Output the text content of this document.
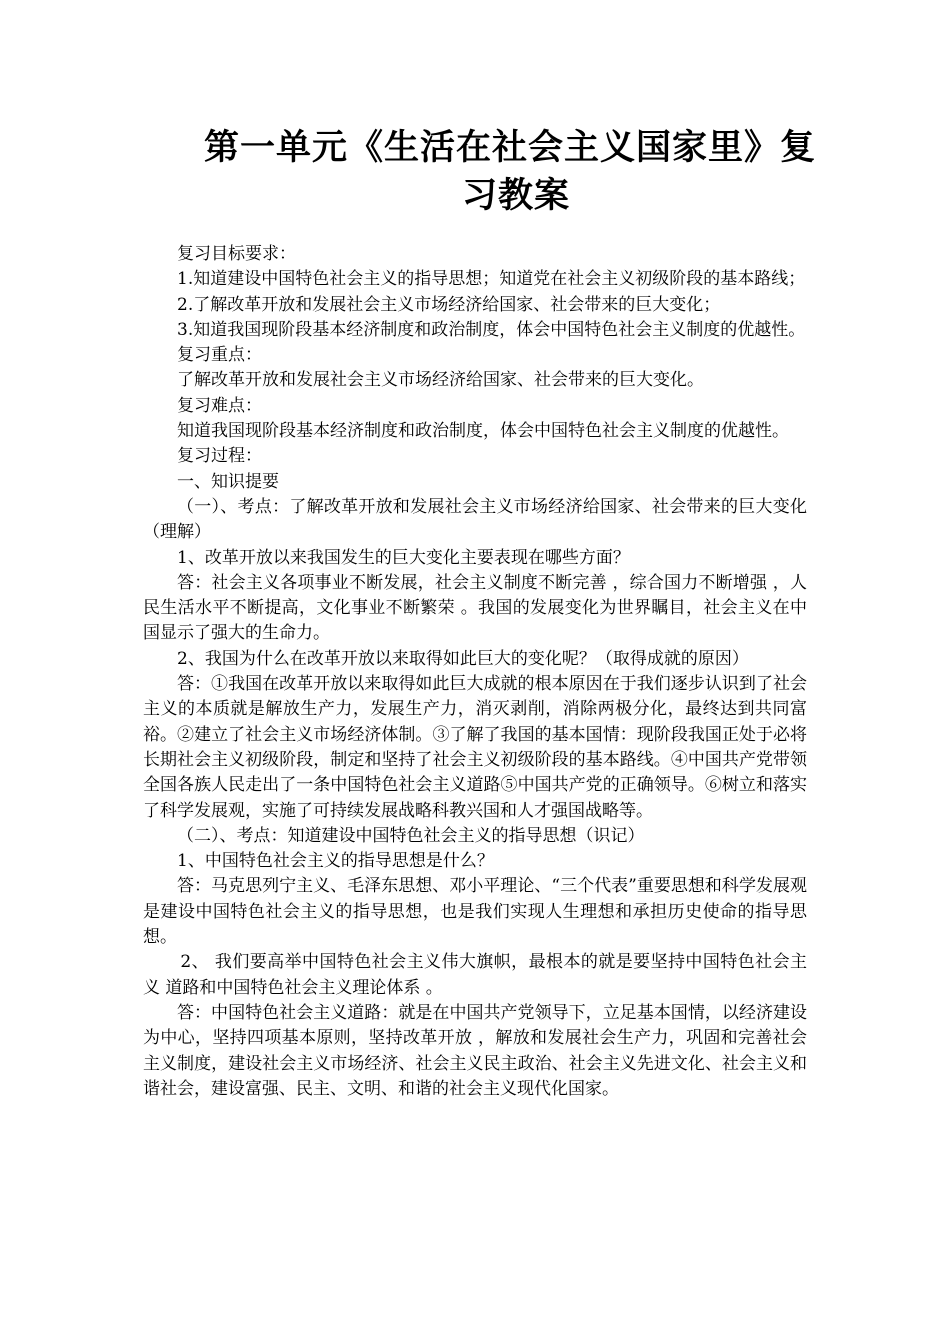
第一单元《生活在社会主义国家里》复
习教案

复习目标要求：

1.知道建设中国特色社会主义的指导思想；知道党在社会主义初级阶段的基本路线；

2.了解改革开放和发展社会主义市场经济给国家、社会带来的巨大变化；

3.知道我国现阶段基本经济制度和政治制度，体会中国特色社会主义制度的优越性。

复习重点：

了解改革开放和发展社会主义市场经济给国家、社会带来的巨大变化。

复习难点：

知道我国现阶段基本经济制度和政治制度，体会中国特色社会主义制度的优越性。

复习过程：

一、知识提要

（一）、考点：了解改革开放和发展社会主义市场经济给国家、社会带来的巨大变化（理解）

1、改革开放以来我国发生的巨大变化主要表现在哪些方面？

答：社会主义各项事业不断发展，社会主义制度不断完善 ，综合国力不断增强 ，人民生活水平不断提高，文化事业不断繁荣 。我国的发展变化为世界瞩目，社会主义在中国显示了强大的生命力。

2、我国为什么在改革开放以来取得如此巨大的变化呢？（取得成就的原因）

答：①我国在改革开放以来取得如此巨大成就的根本原因在于我们逐步认识到了社会主义的本质就是解放生产力，发展生产力，消灭剥削，消除两极分化，最终达到共同富裕。②建立了社会主义市场经济体制。③了解了我国的基本国情：现阶段我国正处于必将长期社会主义初级阶段，制定和坚持了社会主义初级阶段的基本路线。④中国共产党带领全国各族人民走出了一条中国特色社会主义道路⑤中国共产党的正确领导。⑥树立和落实了科学发展观，实施了可持续发展战略科教兴国和人才强国战略等。

（二）、考点：知道建设中国特色社会主义的指导思想（识记）

1、中国特色社会主义的指导思想是什么？

答：马克思列宁主义、毛泽东思想、邓小平理论、“三个代表”重要思想和科学发展观是建设中国特色社会主义的指导思想，也是我们实现人生理想和承担历史使命的指导思想。

2、 我们要高举中国特色社会主义伟大旗帜，最根本的就是要坚持中国特色社会主义 道路和中国特色社会主义理论体系 。

答：中国特色社会主义道路：就是在中国共产党领导下，立足基本国情，以经济建设为中心，坚持四项基本原则，坚持改革开放 ，解放和发展社会生产力，巩固和完善社会主义制度，建设社会主义市场经济、社会主义民主政治、社会主义先进文化、社会主义和谐社会，建设富强、民主、文明、和谐的社会主义现代化国家。
